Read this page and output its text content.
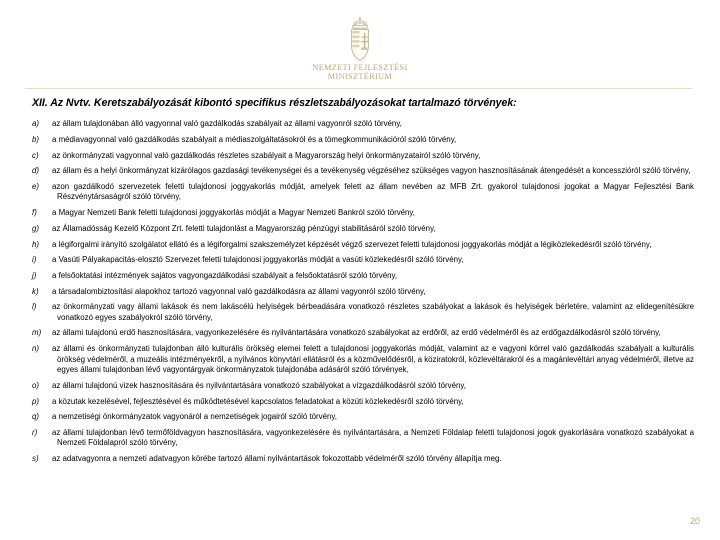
NEMZETI FEJLESZTÉSI
MINISZTÉRIUM
XII. Az Nvtv. Keretszabályozását kibontó specifikus részletszabályozásokat tartalmazó törvények:
a) az állam tulajdonában álló vagyonnal való gazdálkodás szabályait az állami vagyonról szóló törvény,
b) a médiavagyonnal való gazdálkodás szabályait a médiaszolgáltatásokról és a tömegkommunikációról szóló törvény,
c) az önkormányzati vagyonnal való gazdálkodás részletes szabályait a Magyarország helyi önkormányzatairól szóló törvény,
d) az állam és a helyi önkormányzat kizárólagos gazdasági tevékenységei és a tevékenység végzéséhez szükséges vagyon hasznosításának átengedését a koncesszióról szóló törvény,
e) azon gazdálkodó szervezetek feletti tulajdonosi joggyakorlás módját, amelyek felett az állam nevében az MFB Zrt. gyakorol tulajdonosi jogokat a Magyar Fejlesztési Bank Részvénytársaságról szóló törvény,
f) a Magyar Nemzeti Bank feletti tulajdonosi joggyakorlás módját a Magyar Nemzeti Bankról szóló törvény,
g) az Államadósság Kezelő Központ Zrt. feletti tulajdonlást a Magyarország pénzügyi stabilitásáról szóló törvény,
h) a légiforgalmi irányító szolgálatot ellátó és a légiforgalmi szakszemélyzet képzését végző szervezet feletti tulajdonosi joggyakorlás módját a légiközlekedésről szóló törvény,
i) a Vasúti Pályakapacitás-elosztó Szervezet feletti tulajdonosi joggyakorlás módját a vasúti közlekedésről szóló törvény,
j) a felsőoktatási intézmények sajátos vagyongazdálkodási szabályait a felsőoktatásról szóló törvény,
k) a társadalombiztosítási alapokhoz tartozó vagyonnal való gazdálkodásra az állami vagyonról szóló törvény,
l) az önkormányzati vagy állami lakások és nem lakáscélú helyiségek bérbeadására vonatkozó részletes szabályokat a lakások és helyiségek bérletére, valamint az elidegenítésükre vonatkozó egyes szabályokról szóló törvény,
m) az állami tulajdonú erdő hasznosítására, vagyonkezelésére és nyilvántartására vonatkozó szabályokat az erdőről, az erdő védelméről és az erdőgazdálkodásról szóló törvény,
n) az állami és önkormányzati tulajdonban álló kulturális örökség elemei felett a tulajdonosi joggyakorlás módját, valamint az e vagyoni körrel való gazdálkodás szabályait a kulturális örökség védelméről, a muzeális intézményekről, a nyilvános könyvtári ellátásról és a közművelődésről, a köziratokról, közlevéltárakról és a magánlevéltári anyag védelméről, illetve az egyes állami tulajdonban lévő vagyontárgyak önkormányzatok tulajdonába adásáról szóló törvények,
o) az állami tulajdonú vizek hasznosítására és nyilvántartására vonatkozó szabályokat a vízgazdálkodásról szóló törvény,
p) a közutak kezelésével, fejlesztésével és működtetésével kapcsolatos feladatokat a közúti közlekedésről szóló törvény,
q) a nemzetiségi önkormányzatok vagyonáról a nemzetiségek jogairól szóló törvény,
r) az állami tulajdonban lévő termőföldvagyon hasznosítására, vagyonkezelésére és nyilvántartására, a Nemzeti Földalap feletti tulajdonosi jogok gyakorlására vonatkozó szabályokat a Nemzeti Földalapról szóló törvény,
s) az adatvagyonra a nemzeti adatvagyon körébe tartozó állami nyilvántartások fokozottabb védelméről szóló törvény állapítja meg.
20
